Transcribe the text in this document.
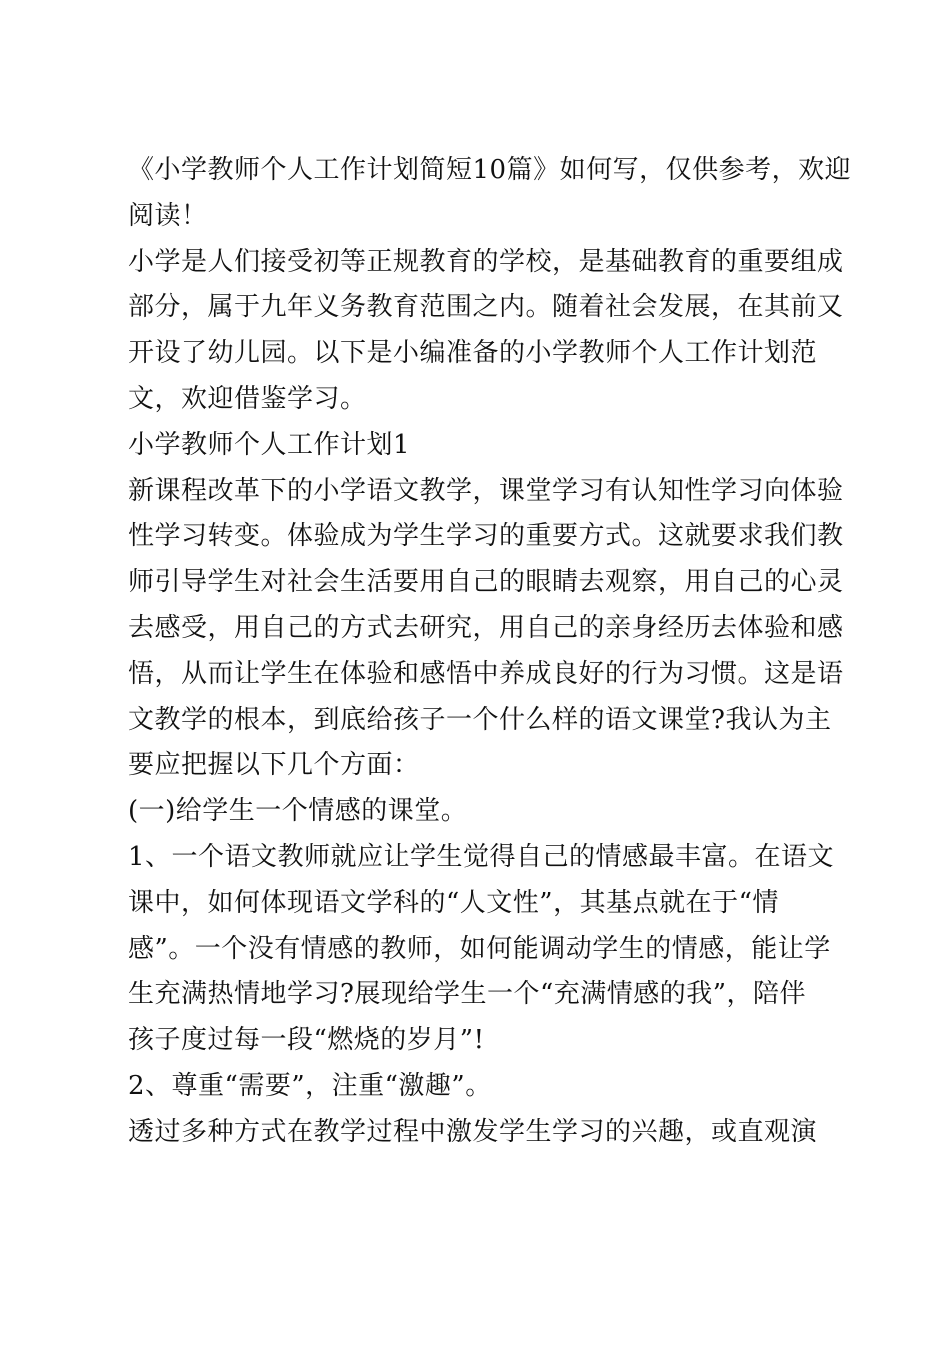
《小学教师个人工作计划简短10篇》如何写，仅供参考，欢迎
阅读！
小学是人们接受初等正规教育的学校，是基础教育的重要组成
部分，属于九年义务教育范围之内。随着社会发展，在其前又
开设了幼儿园。以下是小编准备的小学教师个人工作计划范
文，欢迎借鉴学习。
小学教师个人工作计划1
新课程改革下的小学语文教学，课堂学习有认知性学习向体验
性学习转变。体验成为学生学习的重要方式。这就要求我们教
师引导学生对社会生活要用自己的眼睛去观察，用自己的心灵
去感受，用自己的方式去研究，用自己的亲身经历去体验和感
悟，从而让学生在体验和感悟中养成良好的行为习惯。这是语
文教学的根本，到底给孩子一个什么样的语文课堂?我认为主
要应把握以下几个方面：
(一)给学生一个情感的课堂。
1、一个语文教师就应让学生觉得自己的情感最丰富。在语文
课中，如何体现语文学科的“人文性”，其基点就在于“情
感”。一个没有情感的教师，如何能调动学生的情感，能让学
生充满热情地学习?展现给学生一个“充满情感的我”，陪伴
孩子度过每一段“燃烧的岁月”!
2、尊重“需要”，注重“激趣”。
透过多种方式在教学过程中激发学生学习的兴趣，或直观演
